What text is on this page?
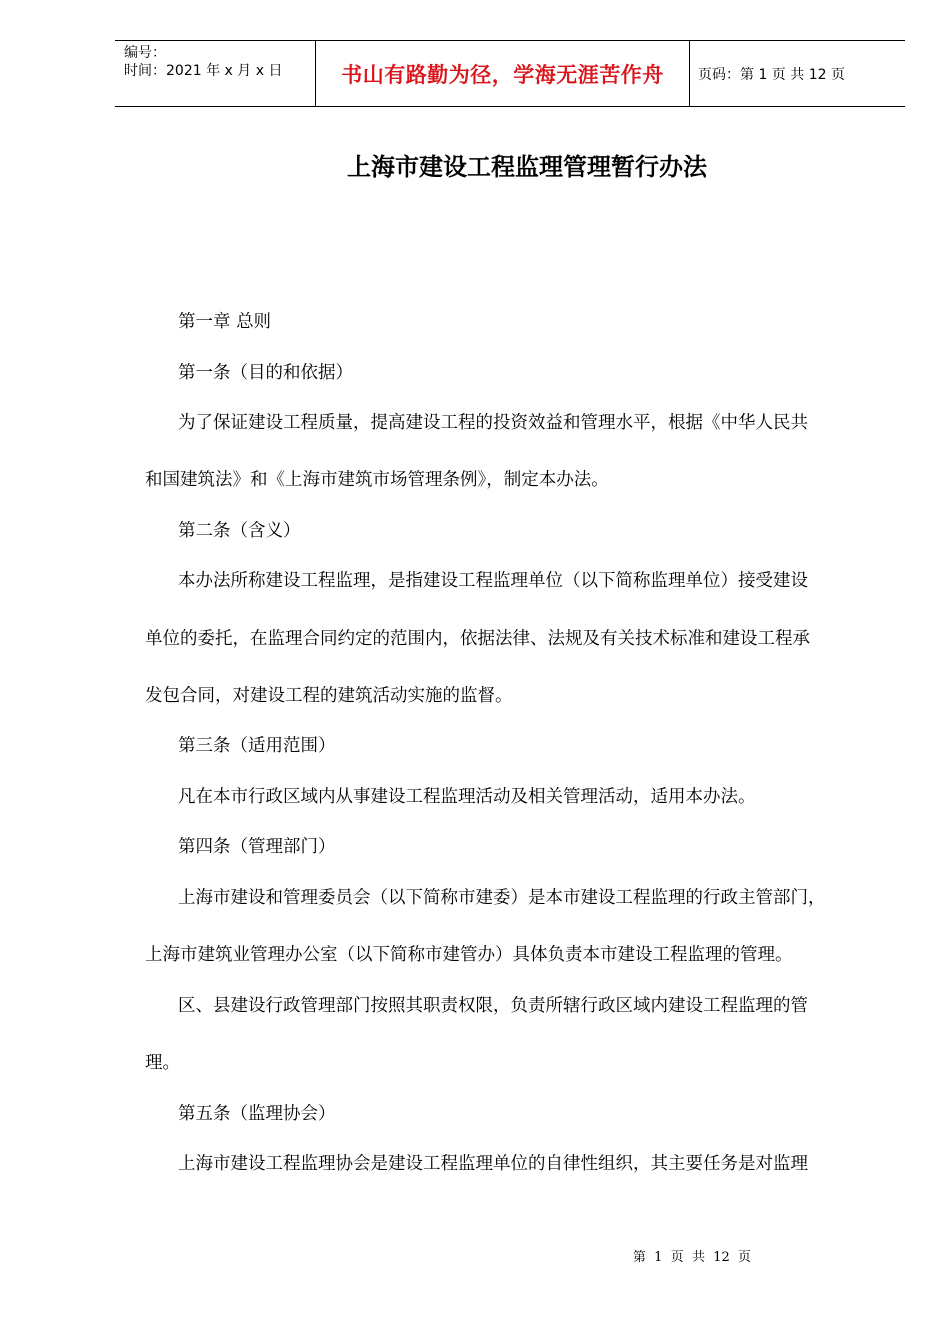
编号：
时间：2021 年 x 月 x 日	书山有路勤为径，学海无涯苦作舟 页码：第 1 页 共 12 页
上海市建设工程监理管理暂行办法
第一章 总则
第一条（目的和依据）
为了保证建设工程质量，提高建设工程的投资效益和管理水平，根据《中华人民共
和国建筑法》和《上海市建筑市场管理条例》，制定本办法。
第二条（含义）
本办法所称建设工程监理，是指建设工程监理单位（以下简称监理单位）接受建设
单位的委托，在监理合同约定的范围内，依据法律、法规及有关技术标准和建设工程承
发包合同，对建设工程的建筑活动实施的监督。
第三条（适用范围）
凡在本市行政区域内从事建设工程监理活动及相关管理活动，适用本办法。
第四条（管理部门）
上海市建设和管理委员会（以下简称市建委）是本市建设工程监理的行政主管部门，
上海市建筑业管理办公室（以下简称市建管办）具体负责本市建设工程监理的管理。
区、县建设行政管理部门按照其职责权限，负责所辖行政区域内建设工程监理的管
理。
第五条（监理协会）
上海市建设工程监理协会是建设工程监理单位的自律性组织，其主要任务是对监理
第  1  页  共  12  页
